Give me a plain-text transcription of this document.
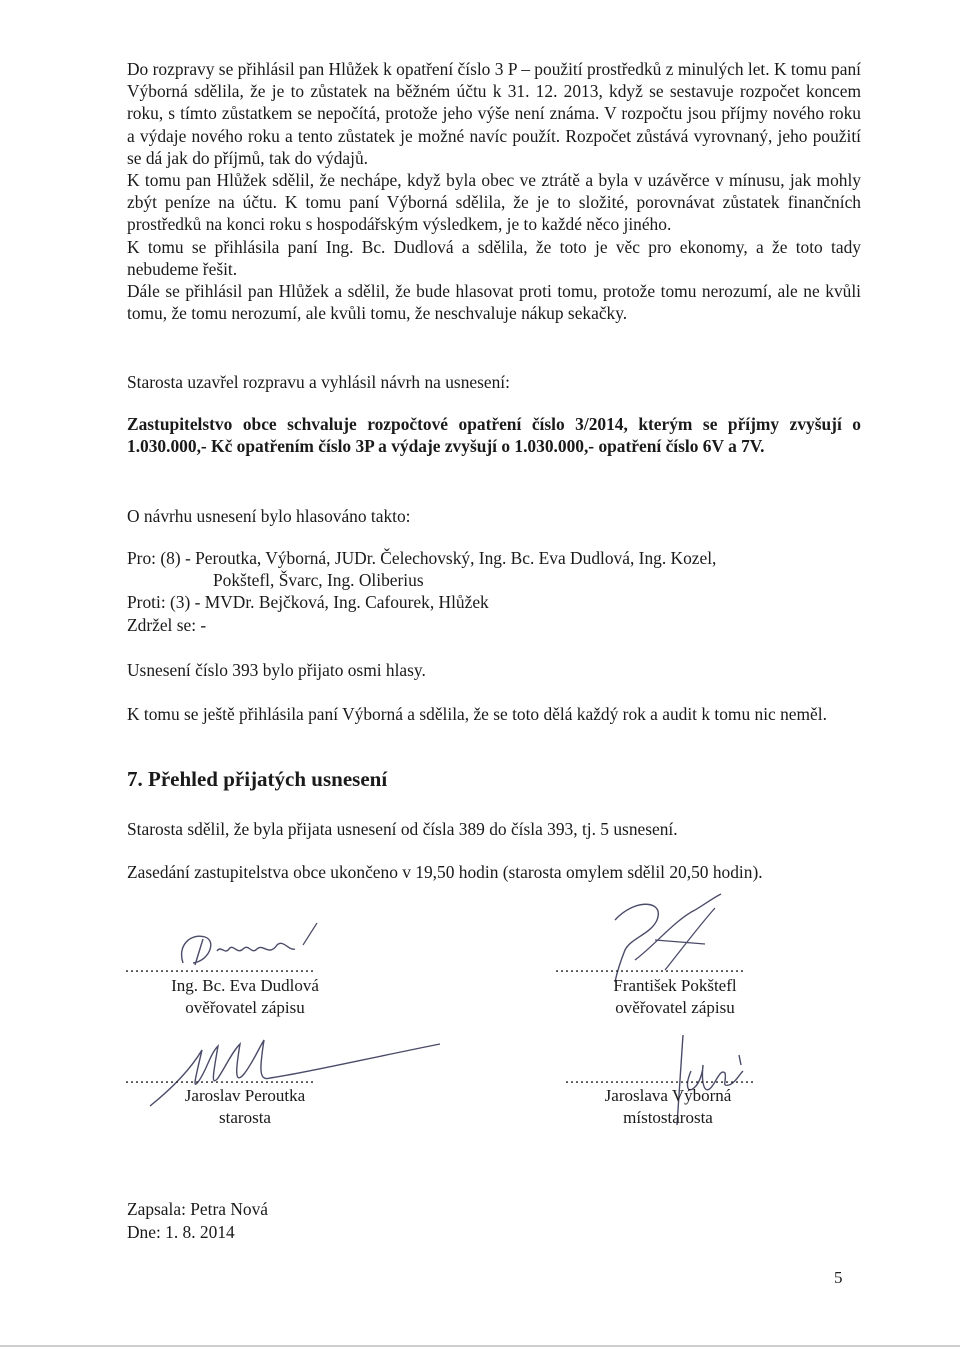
Do rozpravy se přihlásil pan Hlůžek k opatření číslo 3 P – použití prostředků z minulých let. K tomu paní Výborná sdělila, že je to zůstatek na běžném účtu k 31. 12. 2013, když se sestavuje rozpočet koncem roku, s tímto zůstatkem se nepočítá, protože jeho výše není známa. V rozpočtu jsou příjmy nového roku a výdaje nového roku a tento zůstatek je možné navíc použít. Rozpočet zůstává vyrovnaný, jeho použití se dá jak do příjmů, tak do výdajů.

K tomu pan Hlůžek sdělil, že nechápe, když byla obec ve ztrátě a byla v uzávěrce v mínusu, jak mohly zbýt peníze na účtu. K tomu paní Výborná sdělila, že je to složité, porovnávat zůstatek finančních prostředků na konci roku s hospodářským výsledkem, je to každé něco jiného.

K tomu se přihlásila paní Ing. Bc. Dudlová a sdělila, že toto je věc pro ekonomy, a že toto tady nebudeme řešit.

Dále se přihlásil pan Hlůžek a sdělil, že bude hlasovat proti tomu, protože tomu nerozumí, ale ne kvůli tomu, že tomu nerozumí, ale kvůli tomu, že neschvaluje nákup sekačky.

Starosta uzavřel rozpravu a vyhlásil návrh na usnesení:

Zastupitelstvo obce schvaluje rozpočtové opatření číslo 3/2014, kterým se příjmy zvyšují o 1.030.000,- Kč opatřením číslo 3P a výdaje zvyšují o 1.030.000,- opatření číslo 6V a 7V.

O návrhu usnesení bylo hlasováno takto:

Pro: (8) - Peroutka, Výborná, JUDr. Čelechovský, Ing. Bc. Eva Dudlová, Ing. Kozel,
Pokštefl, Švarc, Ing. Oliberius
Proti: (3) - MVDr. Bejčková, Ing. Cafourek, Hlůžek
Zdržel se: -

Usnesení číslo 393 bylo přijato osmi hlasy.

K tomu se ještě přihlásila paní Výborná a sdělila, že se toto dělá každý rok a audit k tomu nic neměl.

7. Přehled přijatých usnesení

Starosta sdělil, že byla přijata usnesení od čísla 389 do čísla 393, tj. 5 usnesení.

Zasedání zastupitelstva obce ukončeno v 19,50 hodin (starosta omylem sdělil 20,50 hodin).

......................................
Ing. Bc. Eva Dudlová
ověřovatel zápisu
......................................
František Pokštefl
ověřovatel zápisu
......................................
Jaroslav Peroutka
starosta
......................................
Jaroslava Výborná
místostarosta
Zapsala: Petra Nová
Dne: 1. 8. 2014
5
